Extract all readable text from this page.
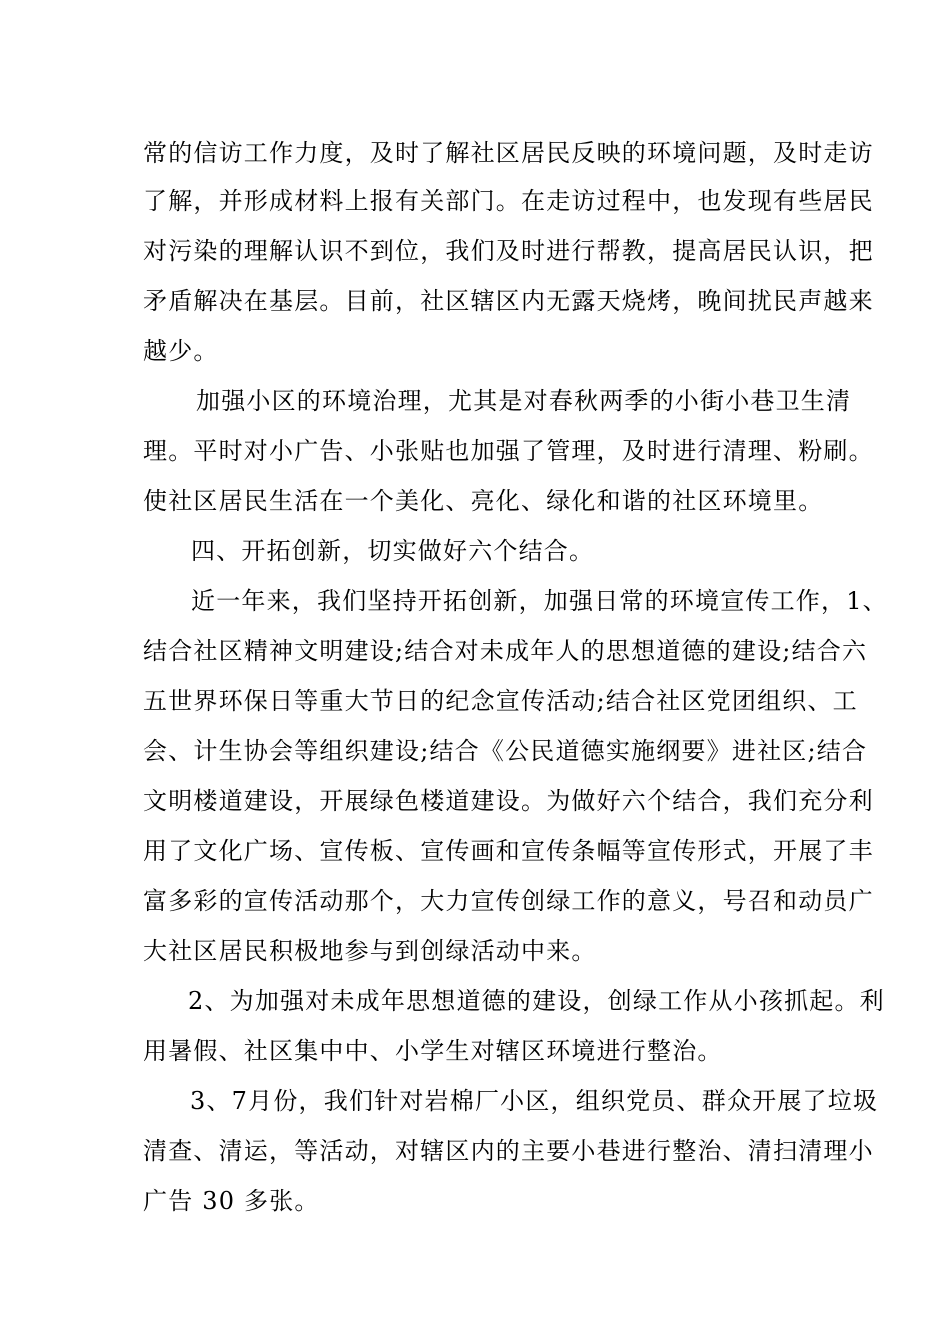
常的信访工作力度，及时了解社区居民反映的环境问题，及时走访
了解，并形成材料上报有关部门。在走访过程中，也发现有些居民
对污染的理解认识不到位，我们及时进行帮教，提高居民认识，把
矛盾解决在基层。目前，社区辖区内无露天烧烤，晚间扰民声越来
越少。
加强小区的环境治理，尤其是对春秋两季的小街小巷卫生清
理。平时对小广告、小张贴也加强了管理，及时进行清理、粉刷。
使社区居民生活在一个美化、亮化、绿化和谐的社区环境里。
四、开拓创新，切实做好六个结合。
近一年来，我们坚持开拓创新，加强日常的环境宣传工作，1、
结合社区精神文明建设;结合对未成年人的思想道德的建设;结合六
五世界环保日等重大节日的纪念宣传活动;结合社区党团组织、工
会、计生协会等组织建设;结合《公民道德实施纲要》进社区;结合
文明楼道建设，开展绿色楼道建设。为做好六个结合，我们充分利
用了文化广场、宣传板、宣传画和宣传条幅等宣传形式，开展了丰
富多彩的宣传活动那个，大力宣传创绿工作的意义，号召和动员广
大社区居民积极地参与到创绿活动中来。
2、为加强对未成年思想道德的建设，创绿工作从小孩抓起。利
用暑假、社区集中中、小学生对辖区环境进行整治。
3、7月份，我们针对岩棉厂小区，组织党员、群众开展了垃圾
清查、清运，等活动，对辖区内的主要小巷进行整治、清扫清理小
广告 30 多张。
